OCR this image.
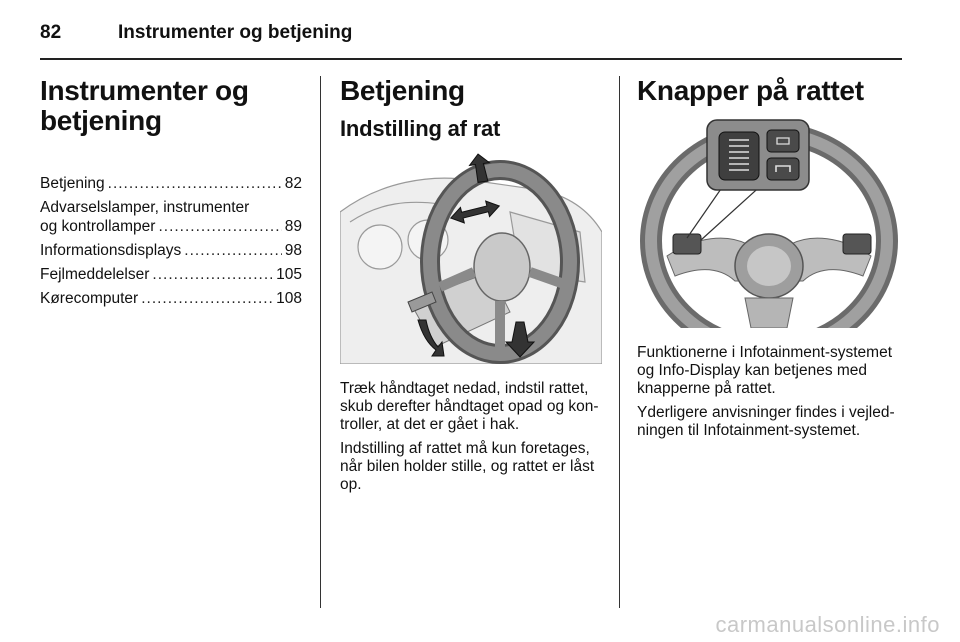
82	Instrumenter og betjening
Instrumenter og
betjening
Betjening .....	82
Advarselslamper, instrumenter
og kontrollamper .....	89
Informationsdisplays .....	98
Fejlmeddelelser .....	105
Kørecomputer .....	108
Betjening
Indstilling af rat

Træk håndtaget nedad, indstil rattet,
skub derefter håndtaget opad og kon-
troller, at det er gået i hak.

Indstilling af rattet må kun foretages,
når bilen holder stille, og rattet er låst
op.

Knapper på rattet

Funktionerne i Infotainment-systemet
og Info-Display kan betjenes med
knapperne på rattet.

Yderligere anvisninger findes i vejled-
ningen til Infotainment-systemet.

carmanualsonline.info
